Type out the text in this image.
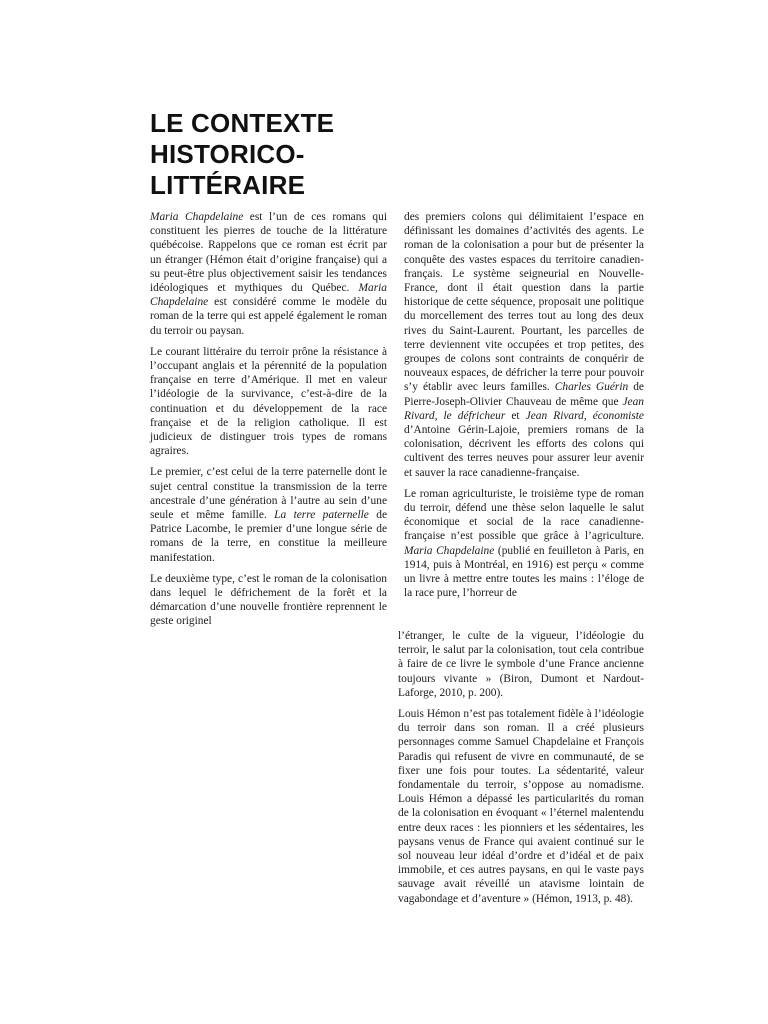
LE CONTEXTE
HISTORICO-
LITTÉRAIRE

Maria Chapdelaine est l’un de ces romans qui constituent les pierres de touche de la littérature québécoise. Rappelons que ce roman est écrit par un étranger (Hémon était d’origine française) qui a su peut-être plus objectivement saisir les tendances idéologiques et mythiques du Québec. Maria Chapdelaine est considéré comme le modèle du roman de la terre qui est appelé également le roman du terroir ou paysan.

Le courant littéraire du terroir prône la résistance à l’occupant anglais et la pérennité de la population française en terre d’Amérique. Il met en valeur l’idéologie de la survivance, c’est-à-dire de la continuation et du développement de la race française et de la religion catholique. Il est judicieux de distinguer trois types de romans agraires.

Le premier, c’est celui de la terre paternelle dont le sujet central constitue la transmission de la terre ancestrale d’une génération à l’autre au sein d’une seule et même famille. La terre paternelle de Patrice Lacombe, le premier d’une longue série de romans de la terre, en constitue la meilleure manifestation.

Le deuxième type, c’est le roman de la colonisation dans lequel le défrichement de la forêt et la démarcation d’une nouvelle frontière reprennent le geste originel

des premiers colons qui délimitaient l’espace en définissant les domaines d’activités des agents. Le roman de la colonisation a pour but de présenter la conquête des vastes espaces du territoire canadien-français. Le système seigneurial en Nouvelle-France, dont il était question dans la partie historique de cette séquence, proposait une politique du morcellement des terres tout au long des deux rives du Saint-Laurent. Pourtant, les parcelles de terre deviennent vite occupées et trop petites, des groupes de colons sont contraints de conquérir de nouveaux espaces, de défricher la terre pour pouvoir s’y établir avec leurs familles. Charles Guérin de Pierre-Joseph-Olivier Chauveau de même que Jean Rivard, le défricheur et Jean Rivard, économiste d’Antoine Gérin-Lajoie, premiers romans de la colonisation, décrivent les efforts des colons qui cultivent des terres neuves pour assurer leur avenir et sauver la race canadienne-française.

Le roman agriculturiste, le troisième type de roman du terroir, défend une thèse selon laquelle le salut économique et social de la race canadienne-française n’est possible que grâce à l’agriculture. Maria Chapdelaine (publié en feuilleton à Paris, en 1914, puis à Montréal, en 1916) est perçu « comme un livre à mettre entre toutes les mains : l’éloge de la race pure, l’horreur de

l’étranger, le culte de la vigueur, l’idéologie du terroir, le salut par la colonisation, tout cela contribue à faire de ce livre le symbole d’une France ancienne toujours vivante » (Biron, Dumont et Nardout-Laforge, 2010, p. 200).

Louis Hémon n’est pas totalement fidèle à l’idéologie du terroir dans son roman. Il a créé plusieurs personnages comme Samuel Chapdelaine et François Paradis qui refusent de vivre en communauté, de se fixer une fois pour toutes. La sédentarité, valeur fondamentale du terroir, s’oppose au nomadisme. Louis Hémon a dépassé les particularités du roman de la colonisation en évoquant « l’éternel malentendu entre deux races : les pionniers et les sédentaires, les paysans venus de France qui avaient continué sur le sol nouveau leur idéal d’ordre et d’idéal et de paix immobile, et ces autres paysans, en qui le vaste pays sauvage avait réveillé un atavisme lointain de vagabondage et d’aventure » (Hémon, 1913, p. 48).
